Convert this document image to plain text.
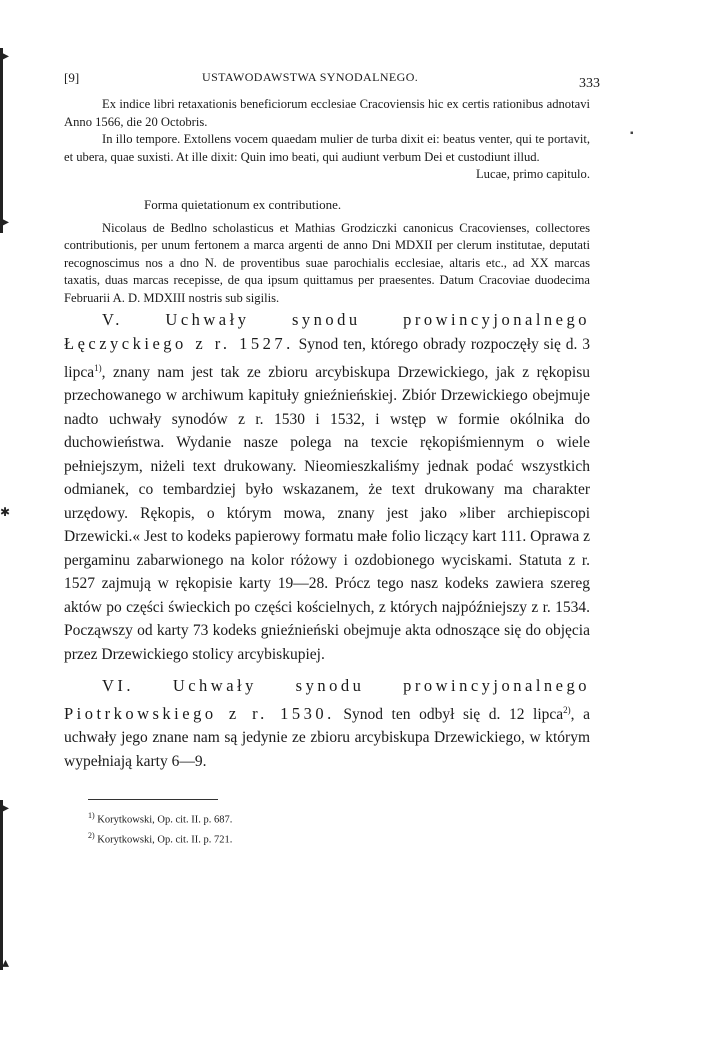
▸
▸
✱
▸
▴
▪
[9]	USTAWODAWSTWA SYNODALNEGO.	333

Ex indice libri retaxationis beneficiorum ecclesiae Cracoviensis hic ex certis rationibus adnotavi Anno 1566, die 20 Octobris.

In illo tempore. Extollens vocem quaedam mulier de turba dixit ei: beatus venter, qui te portavit, et ubera, quae suxisti. At ille dixit: Quin imo beati, qui audiunt verbum Dei et custodiunt illud.

Lucae, primo capitulo.

Forma quietationum ex contributione.

Nicolaus de Bedlno scholasticus et Mathias Grodziczki canonicus Cracovienses, collectores contributionis, per unum fertonem a marca argenti de anno Dni MDXII per clerum institutae, deputati recognoscimus nos a dno N. de proventibus suae parochialis ecclesiae, altaris etc., ad XX marcas taxatis, duas marcas recepisse, de qua ipsum quittamus per praesentes. Datum Cracoviae duodecima Februarii A. D. MDXIII nostris sub sigilis.

V. Uchwały synodu prowincyjonalnego Łęczyckiego z r. 1527. Synod ten, którego obrady rozpoczęły się d. 3 lipca$^{1)}$, znany nam jest tak ze zbioru arcybiskupa Drzewickiego, jak z rękopisu przechowanego w archiwum kapituły gnieźnieńskiej. Zbiór Drzewickiego obejmuje nadto uchwały synodów z r. 1530 i 1532, i wstęp w formie okólnika do duchowieństwa. Wydanie nasze polega na texcie rękopiśmiennym o wiele pełniejszym, niżeli text drukowany. Nieomieszkaliśmy jednak podać wszystkich odmianek, co tembardziej było wskazanem, że text drukowany ma charakter urzędowy. Rękopis, o którym mowa, znany jest jako »liber archiepiscopi Drzewicki.« Jest to kodeks papierowy formatu małe folio liczący kart 111. Oprawa z pergaminu zabarwionego na kolor różowy i ozdobionego wyciskami. Statuta z r. 1527 zajmują w rękopisie karty 19—28. Prócz tego nasz kodeks zawiera szereg aktów po części świeckich po części kościelnych, z których najpóźniejszy z r. 1534. Począwszy od karty 73 kodeks gnieźnieński obejmuje akta odnoszące się do objęcia przez Drzewickiego stolicy arcybiskupiej.

VI. Uchwały synodu prowincyjonalnego Piotrkowskiego z r. 1530. Synod ten odbył się d. 12 lipca$^{2)}$, a uchwały jego znane nam są jedynie ze zbioru arcybiskupa Drzewickiego, w którym wypełniają karty 6—9.

$^{1)}$ Korytkowski, Op. cit. II. p. 687.
$^{2)}$ Korytkowski, Op. cit. II. p. 721.
